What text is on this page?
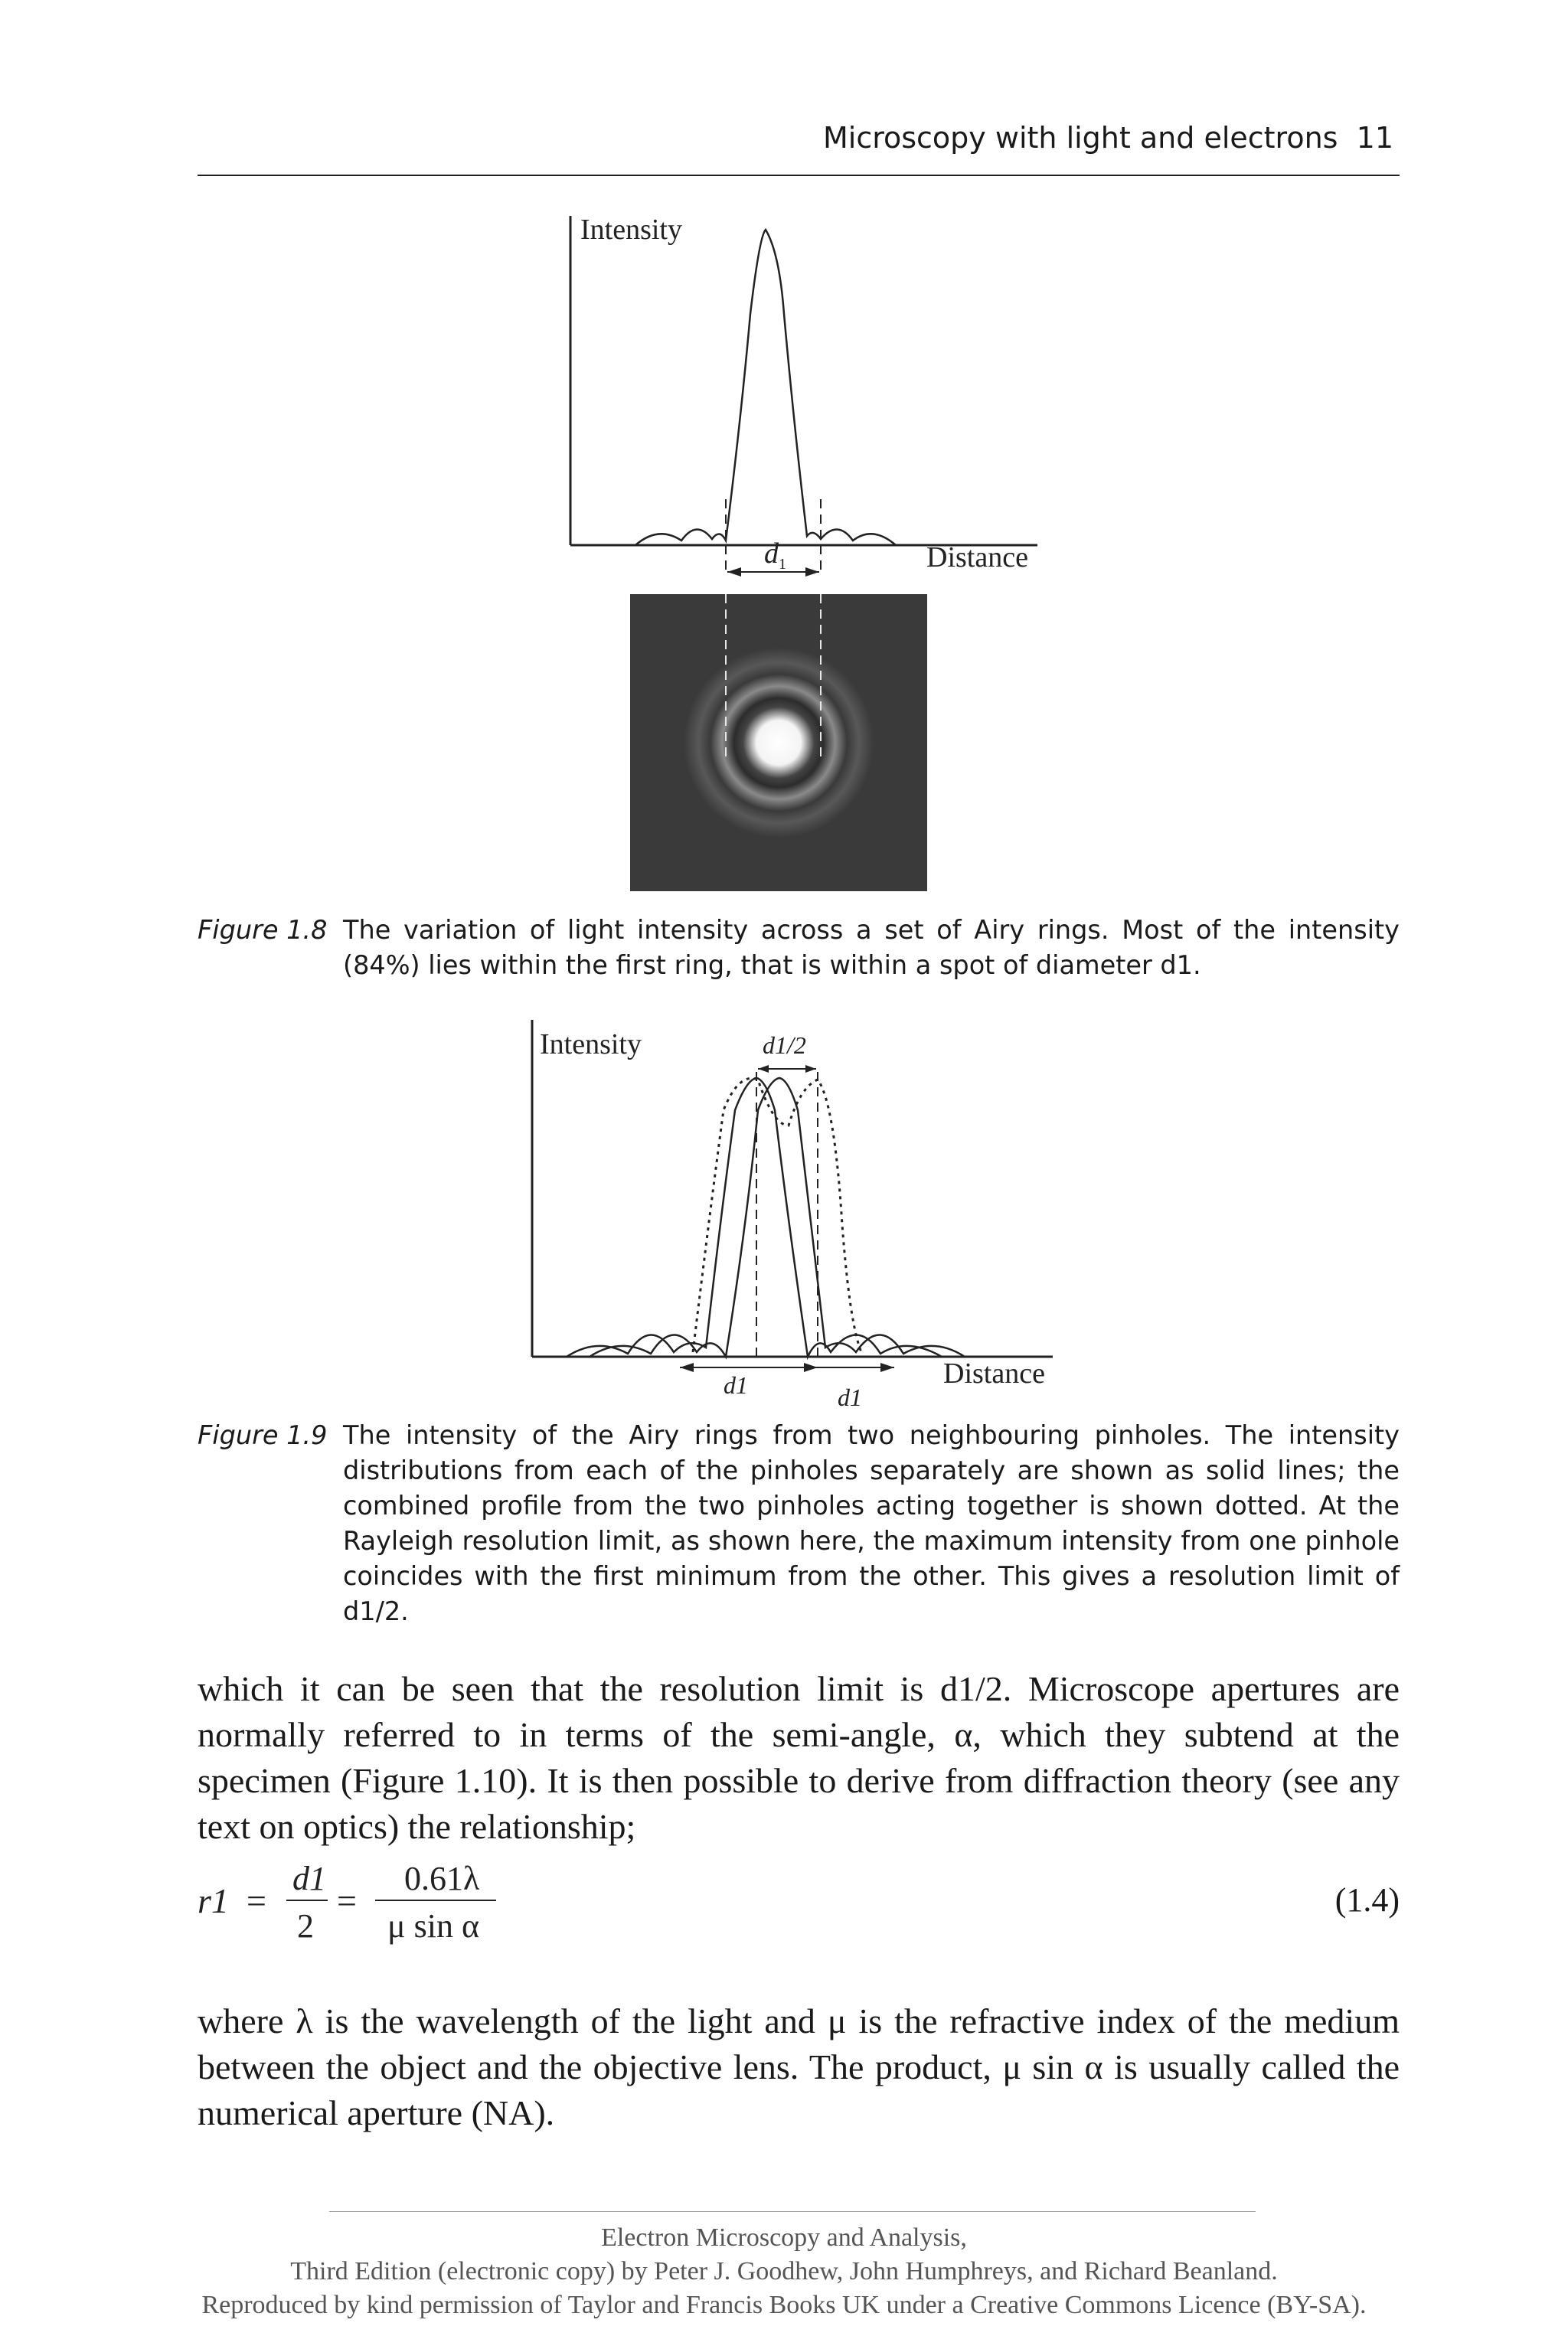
Microscopy with light and electrons 11
Intensity
$d_1$	Distance
Figure 1.8 The variation of light intensity across a set of Airy rings. Most of the intensity (84%) lies within the first ring, that is within a spot of diameter d1.
Intensity	d1/2
d1	d1
Distance
Figure 1.9 The intensity of the Airy rings from two neighbouring pinholes. The intensity distributions from each of the pinholes separately are shown as solid lines; the combined profile from the two pinholes acting together is shown dotted. At the Rayleigh resolution limit, as shown here, the maximum intensity from one pinhole coincides with the first minimum from the other. This gives a resolution limit of d1/2.
which it can be seen that the resolution limit is d1/2. Microscope apertures are normally referred to in terms of the semi-angle, α, which they subtend at the specimen (Figure 1.10). It is then possible to derive from diffraction theory (see any text on optics) the relationship;
r1 =
d1
2
=
0.61λ
μ sin α
(1.4)
where λ is the wavelength of the light and μ is the refractive index of the medium between the object and the objective lens. The product, μ sin α is usually called the numerical aperture (NA).
Electron Microscopy and Analysis,
Third Edition (electronic copy) by Peter J. Goodhew, John Humphreys, and Richard Beanland.
Reproduced by kind permission of Taylor and Francis Books UK under a Creative Commons Licence (BY-SA).
